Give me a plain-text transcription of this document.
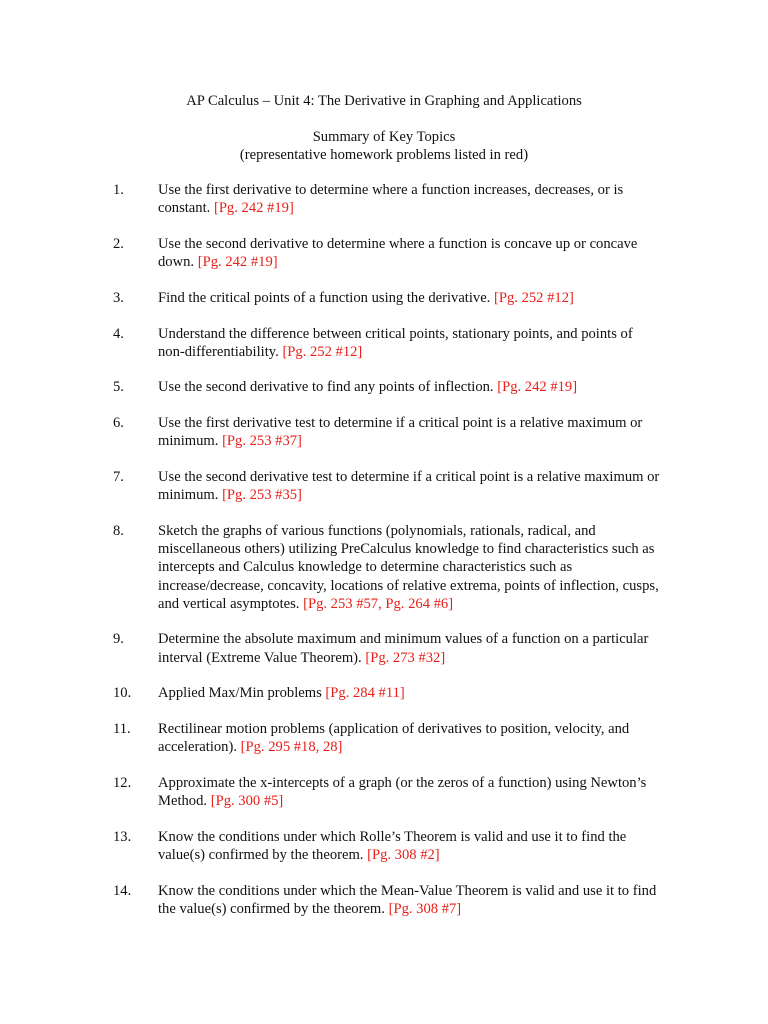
AP Calculus – Unit 4: The Derivative in Graphing and Applications

Summary of Key Topics

(representative homework problems listed in red)

1.	Use the first derivative to determine where a function increases, decreases, or is constant. [Pg. 242 #19]
2.	Use the second derivative to determine where a function is concave up or concave down. [Pg. 242 #19]
3.	Find the critical points of a function using the derivative. [Pg. 252 #12]
4.	Understand the difference between critical points, stationary points, and points of non-differentiability. [Pg. 252 #12]
5.	Use the second derivative to find any points of inflection. [Pg. 242 #19]
6.	Use the first derivative test to determine if a critical point is a relative maximum or minimum. [Pg. 253 #37]
7.	Use the second derivative test to determine if a critical point is a relative maximum or minimum. [Pg. 253 #35]
8.	Sketch the graphs of various functions (polynomials, rationals, radical, and miscellaneous others) utilizing PreCalculus knowledge to find characteristics such as intercepts and Calculus knowledge to determine characteristics such as increase/decrease, concavity, locations of relative extrema, points of inflection, cusps, and vertical asymptotes. [Pg. 253 #57, Pg. 264 #6]
9.	Determine the absolute maximum and minimum values of a function on a particular interval (Extreme Value Theorem). [Pg. 273 #32]
10.	Applied Max/Min problems [Pg. 284 #11]
11.	Rectilinear motion problems (application of derivatives to position, velocity, and acceleration). [Pg. 295 #18, 28]
12.	Approximate the x-intercepts of a graph (or the zeros of a function) using Newton’s Method. [Pg. 300 #5]
13.	Know the conditions under which Rolle’s Theorem is valid and use it to find the value(s) confirmed by the theorem. [Pg. 308 #2]
14.	Know the conditions under which the Mean-Value Theorem is valid and use it to find the value(s) confirmed by the theorem. [Pg. 308 #7]
